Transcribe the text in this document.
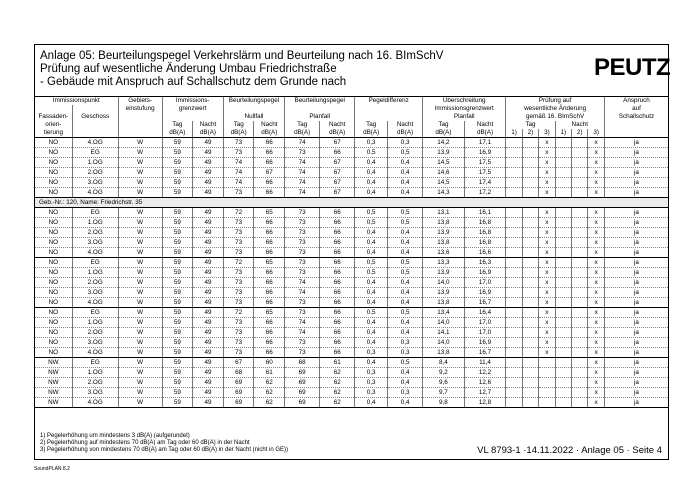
Anlage 05: Beurteilungspegel Verkehrslärm und Beurteilung nach 16. BImSchV
Prüfung auf wesentliche Änderung Umbau Friedrichstraße
- Gebäude mit Anspruch auf Schallschutz dem Grunde nach
PEUTZ
Immissionspunkt		Gebiets-	Immissions-		Beurteilungspegel		Beurteilungspegel		Pegeldifferenz		Überschreitung		Prüfung auf						Anspruch
		einstufung	grenzwert								Immissionsgrenzwert		wesentliche Änderung						auf
Fassaden-	Geschoss				Nullfall		Planfall				Planfall		gemäß 16. BImSchV						Schallschutz
orien-			Tag	Nacht	Tag	Nacht	Tag	Nacht	Tag	Nacht	Tag	Nacht	Tag			Nacht			
tierung			dB(A)	dB(A)	dB(A)	dB(A)	dB(A)	dB(A)	dB(A)	dB(A)	dB(A)	dB(A)	1)	2)	3)	1)	2)	3)	
NO	4.OG	W	59	49	73	66	74	67	0,3	0,3	14,2	17,1			x			x	ja
NO	EG	W	59	49	73	66	73	66	0,5	0,5	13,9	16,9			x			x	ja
NO	1.OG	W	59	49	74	66	74	67	0,4	0,4	14,5	17,5			x			x	ja
NO	2.OG	W	59	49	74	67	74	67	0,4	0,4	14,6	17,5			x			x	ja
NO	3.OG	W	59	49	74	66	74	67	0,4	0,4	14,5	17,4			x			x	ja
NO	4.OG	W	59	49	73	66	74	67	0,4	0,4	14,3	17,2			x			x	ja
Geb.-Nr.: 120, Name: Friedrichstr. 35																			
NO	EG	W	59	49	72	65	73	66	0,5	0,5	13,1	16,1			x			x	ja
NO	1.OG	W	59	49	73	66	73	66	0,5	0,5	13,8	16,8			x			x	ja
NO	2.OG	W	59	49	73	66	73	66	0,4	0,4	13,9	16,8			x			x	ja
NO	3.OG	W	59	49	73	66	73	66	0,4	0,4	13,8	16,8			x			x	ja
NO	4.OG	W	59	49	73	66	73	66	0,4	0,4	13,6	16,6			x			x	ja
NO	EG	W	59	49	72	65	73	66	0,5	0,5	13,3	16,3			x			x	ja
NO	1.OG	W	59	49	73	66	73	66	0,5	0,5	13,9	16,9			x			x	ja
NO	2.OG	W	59	49	73	66	74	66	0,4	0,4	14,0	17,0			x			x	ja
NO	3.OG	W	59	49	73	66	74	66	0,4	0,4	13,9	16,9			x			x	ja
NO	4.OG	W	59	49	73	66	73	66	0,4	0,4	13,8	16,7			x			x	ja
NO	EG	W	59	49	72	65	73	66	0,5	0,5	13,4	16,4			x			x	ja
NO	1.OG	W	59	49	73	66	74	66	0,4	0,4	14,0	17,0			x			x	ja
NO	2.OG	W	59	49	73	66	74	66	0,4	0,4	14,1	17,0			x			x	ja
NO	3.OG	W	59	49	73	66	73	66	0,4	0,3	14,0	16,9			x			x	ja
NO	4.OG	W	59	49	73	66	73	66	0,3	0,3	13,8	16,7			x			x	ja
NW	EG	W	59	49	67	60	68	61	0,4	0,5	8,4	11,4						x	ja
NW	1.OG	W	59	49	68	61	69	62	0,3	0,4	9,2	12,2						x	ja
NW	2.OG	W	59	49	69	62	69	62	0,3	0,4	9,6	12,6						x	ja
NW	3.OG	W	59	49	69	62	69	62	0,3	0,3	9,7	12,7						x	ja
NW	4.OG	W	59	49	69	62	69	62	0,4	0,4	9,8	12,8						x	ja
1) Pegelerhöhung um mindestens 3 dB(A) (aufgerundet)
2) Pegelerhöhung auf mindestens 70 dB(A) am Tag oder 60 dB(A) in der Nacht
3) Pegelerhöhung von mindestens 70 dB(A) am Tag oder 60 dB(A) in der Nacht (nicht in GE))	VL 8793-1 ·14.11.2022 · Anlage 05 · Seite 4
SoundPLAN 8.2
